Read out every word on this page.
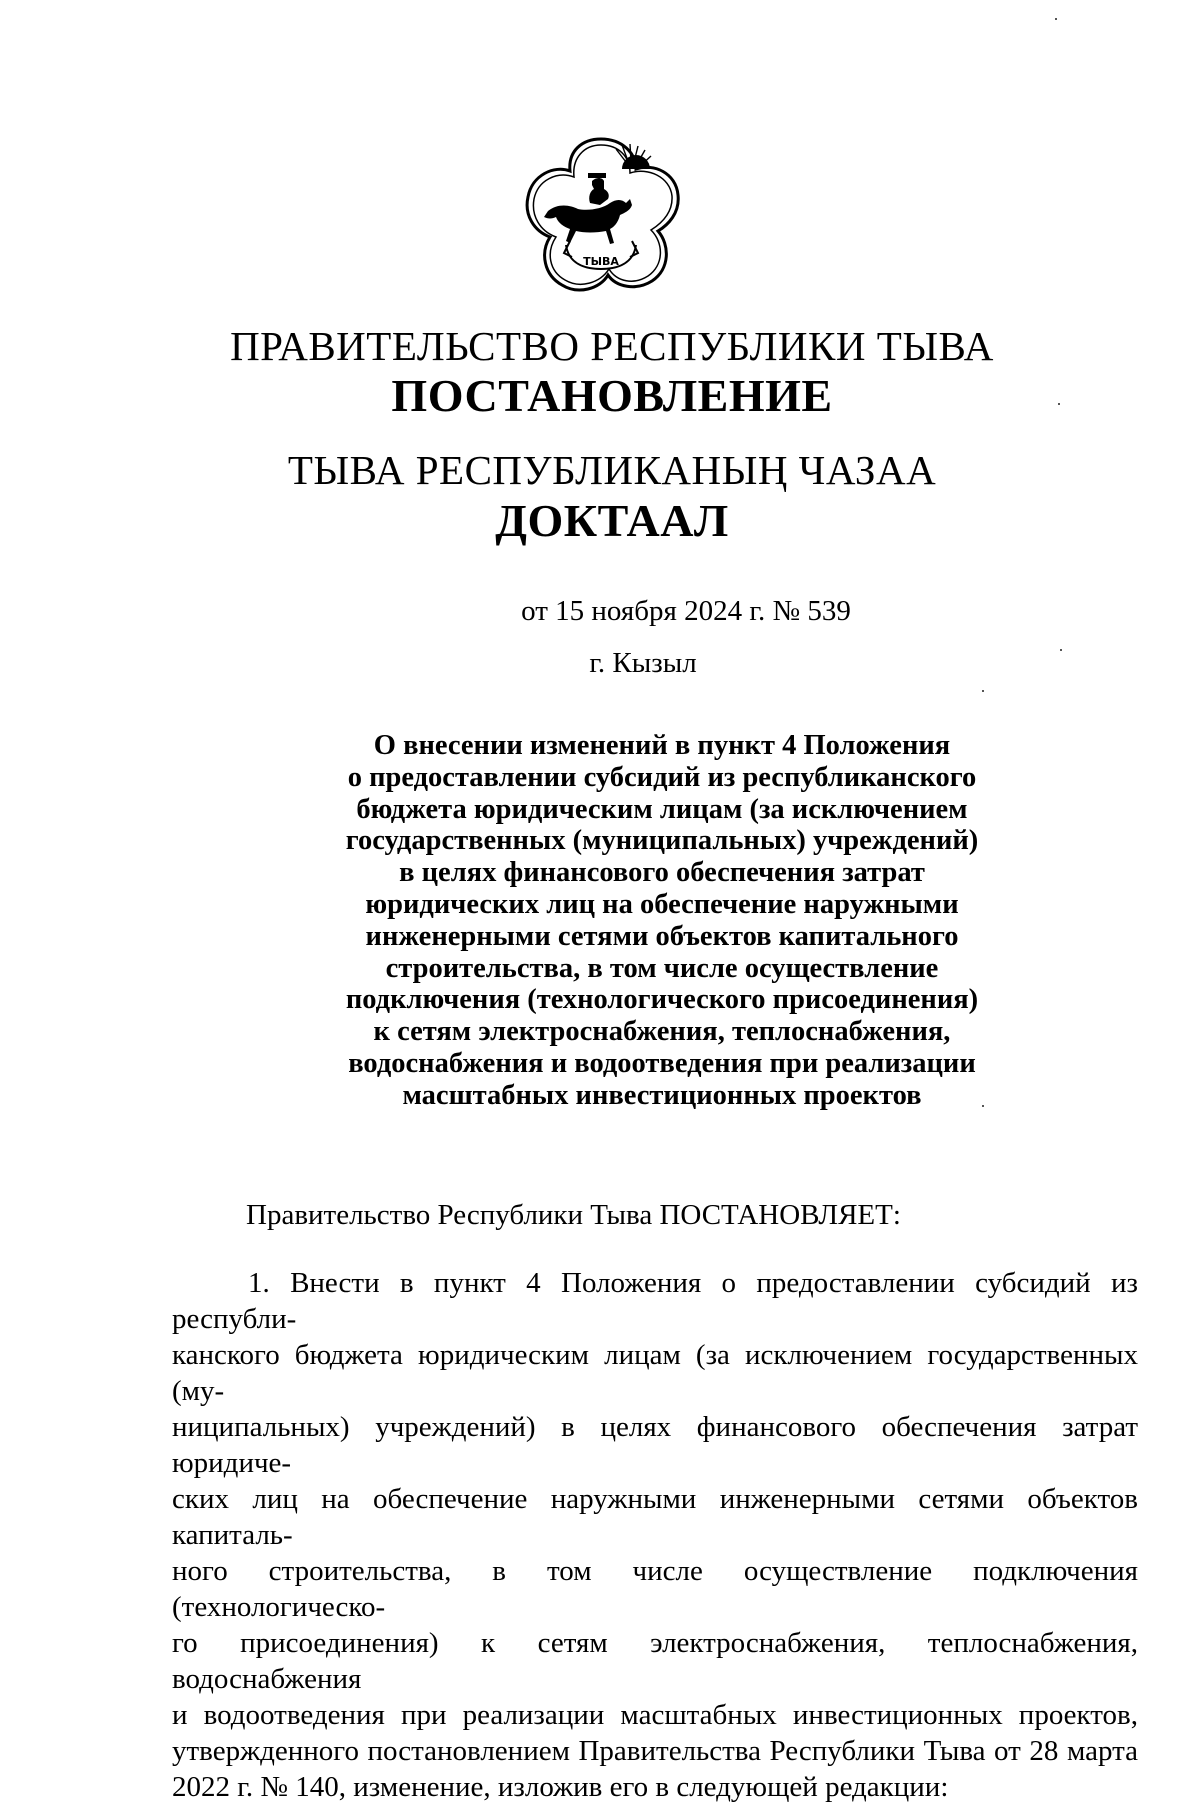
ТЫВА
ПРАВИТЕЛЬСТВО РЕСПУБЛИКИ ТЫВА
ПОСТАНОВЛЕНИЕ
ТЫВА РЕСПУБЛИКАНЫҢ ЧАЗАА
ДОКТААЛ
от 15 ноября 2024 г. № 539
г. Кызыл
О внесении изменений в пункт 4 Положения
о предоставлении субсидий из республиканского
бюджета юридическим лицам (за исключением
государственных (муниципальных) учреждений)
в целях финансового обеспечения затрат
юридических лиц на обеспечение наружными
инженерными сетями объектов капитального
строительства, в том числе осуществление
подключения (технологического присоединения)
к сетям электроснабжения, теплоснабжения,
водоснабжения и водоотведения при реализации
масштабных инвестиционных проектов
Правительство Республики Тыва ПОСТАНОВЛЯЕТ:
1. Внести в пункт 4 Положения о предоставлении субсидий из республи-
канского бюджета юридическим лицам (за исключением государственных (му-
ниципальных) учреждений) в целях финансового обеспечения затрат юридиче-
ских лиц на обеспечение наружными инженерными сетями объектов капиталь-
ного строительства, в том числе осуществление подключения (технологическо-
го присоединения) к сетям электроснабжения, теплоснабжения, водоснабжения
и водоотведения при реализации масштабных инвестиционных проектов,
утвержденного постановлением Правительства Республики Тыва от 28 марта
2022 г. № 140, изменение, изложив его в следующей редакции:
